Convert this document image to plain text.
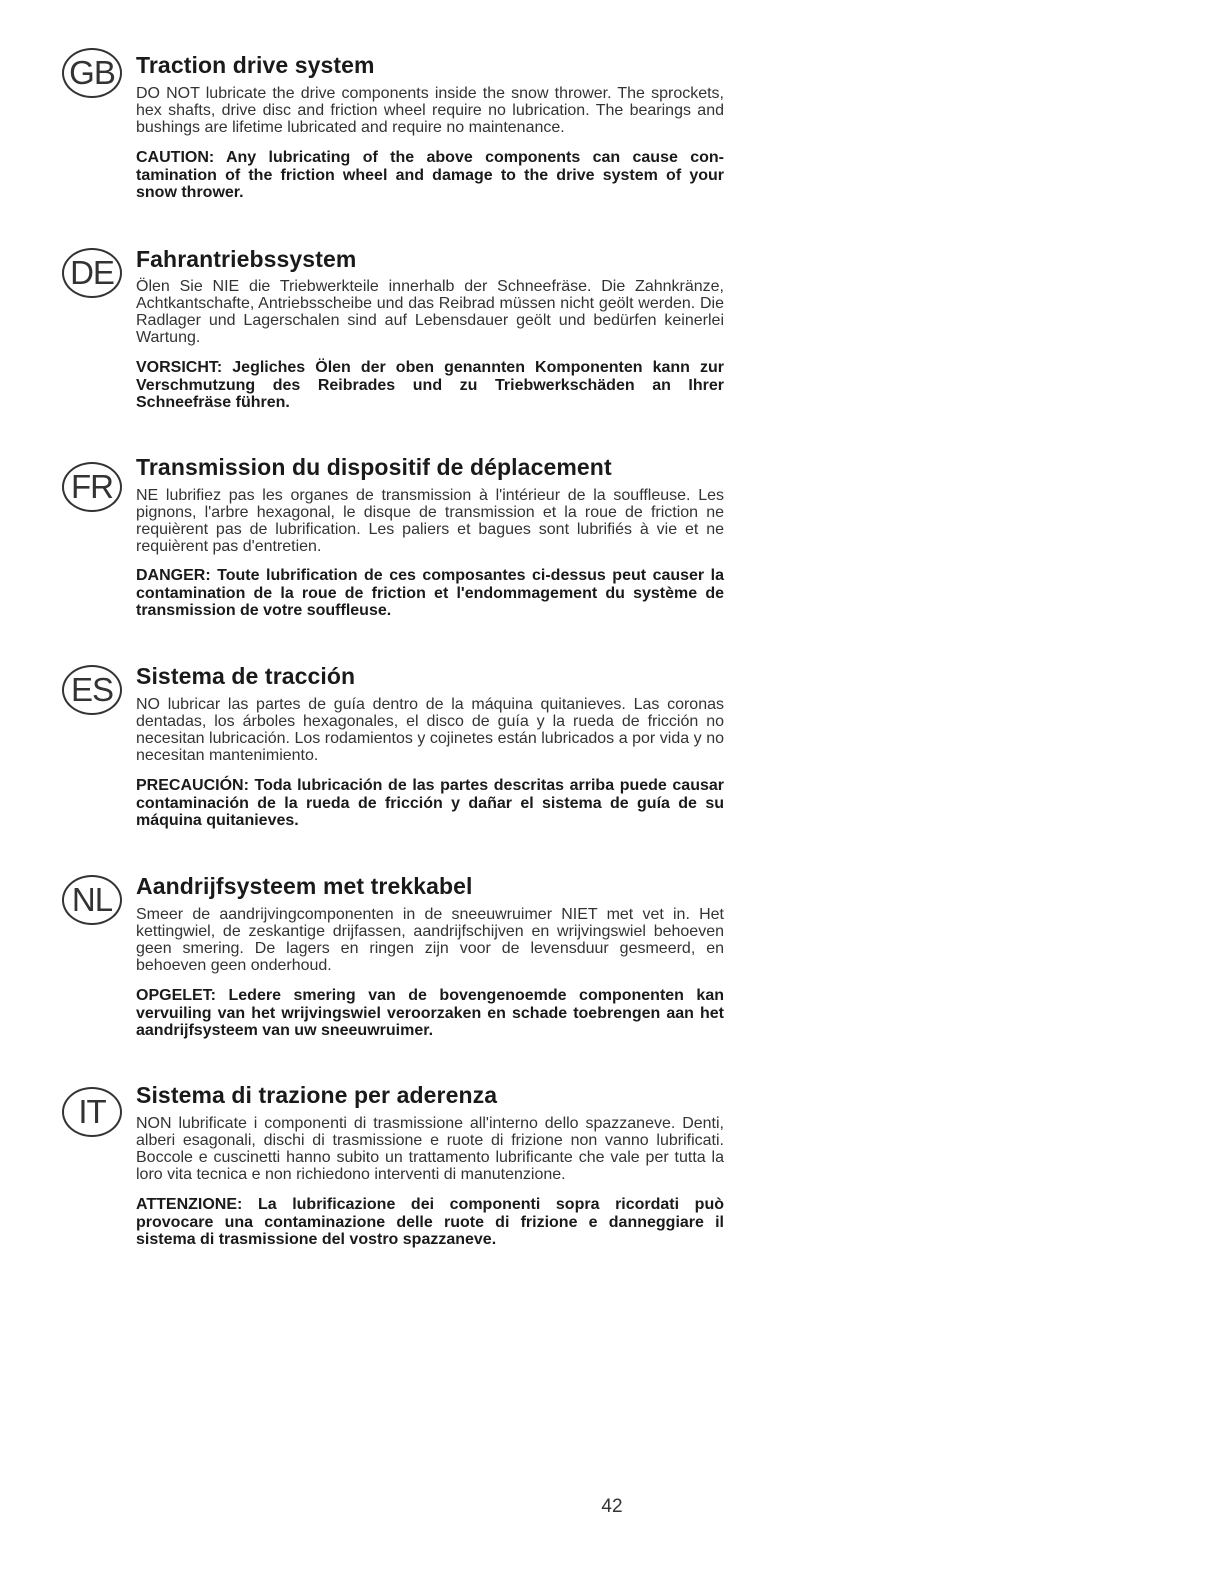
GB Traction drive system

DO NOT lubricate the drive components inside the snow thrower. The sprockets, hex shafts, drive disc and friction wheel require no lubrication. The bearings and bushings are lifetime lubricated and require no maintenance.

CAUTION: Any lubricating of the above components can cause contamination of the friction wheel and damage to the drive system of your snow thrower.

DE Fahrantriebssystem

Ölen Sie NIE die Triebwerkteile innerhalb der Schneefräse. Die Zahnkränze, Achtkantschafte, Antriebsscheibe und das Reibrad müssen nicht geölt werden. Die Radlager und Lagerschalen sind auf Lebensdauer geölt und bedürfen keinerlei Wartung.

VORSICHT: Jegliches Ölen der oben genannten Komponenten kann zur Verschmutzung des Reibrades und zu Triebwerkschäden an Ihrer Schneefräse führen.

FR
Transmission du dispositif de déplacement

NE lubrifiez pas les organes de transmission à l'intérieur de la souffleuse. Les pignons, l'arbre hexagonal, le disque de transmission et la roue de friction ne requièrent pas de lubrification. Les paliers et bagues sont lubrifiés à vie et ne requièrent pas d'entretien.

DANGER: Toute lubrification de ces composantes ci-dessus peut causer la contamination de la roue de friction et l'endommagement du système de transmission de votre souffleuse.

ES Sistema de tracción

NO lubricar las partes de guía dentro de la máquina quitanieves. Las coronas dentadas, los árboles hexagonales, el disco de guía y la rueda de fricción no necesitan lubricación. Los rodamientos y cojinetes están lubricados a por vida y no necesitan mantenimiento.

PRECAUCIÓN: Toda lubricación de las partes descritas arriba puede causar contaminación de la rueda de fricción y dañar el sistema de guía de su máquina quitanieves.

NL	Aandrijfsysteem met trekkabel

Smeer de aandrijvingcomponenten in de sneeuwruimer NIET met vet in. Het kettingwiel, de zeskantige drijfassen, aandrijfschijven en wrijvingswiel behoeven geen smering. De lagers en ringen zijn voor de levensduur gesmeerd, en behoeven geen onderhoud.

OPGELET: Ledere smering van de bovengenoemde componenten kan vervuiling van het wrijvingswiel veroorzaken en schade toebrengen aan het aandrijfsysteem van uw sneeuwruimer.

IT	Sistema di trazione per aderenza

NON lubrificate i componenti di trasmissione all'interno dello spazzaneve. Denti, alberi esagonali, dischi di trasmissione e ruote di frizione non vanno lubrificati. Boccole e cuscinetti hanno subito un trattamento lubrificante che vale per tutta la loro vita tecnica e non richiedono interventi di manutenzione.

ATTENZIONE: La lubrificazione dei componenti sopra ricordati può provocare una contaminazione delle ruote di frizione e danneggiare il sistema di trasmissione del vostro spazzaneve.

42
